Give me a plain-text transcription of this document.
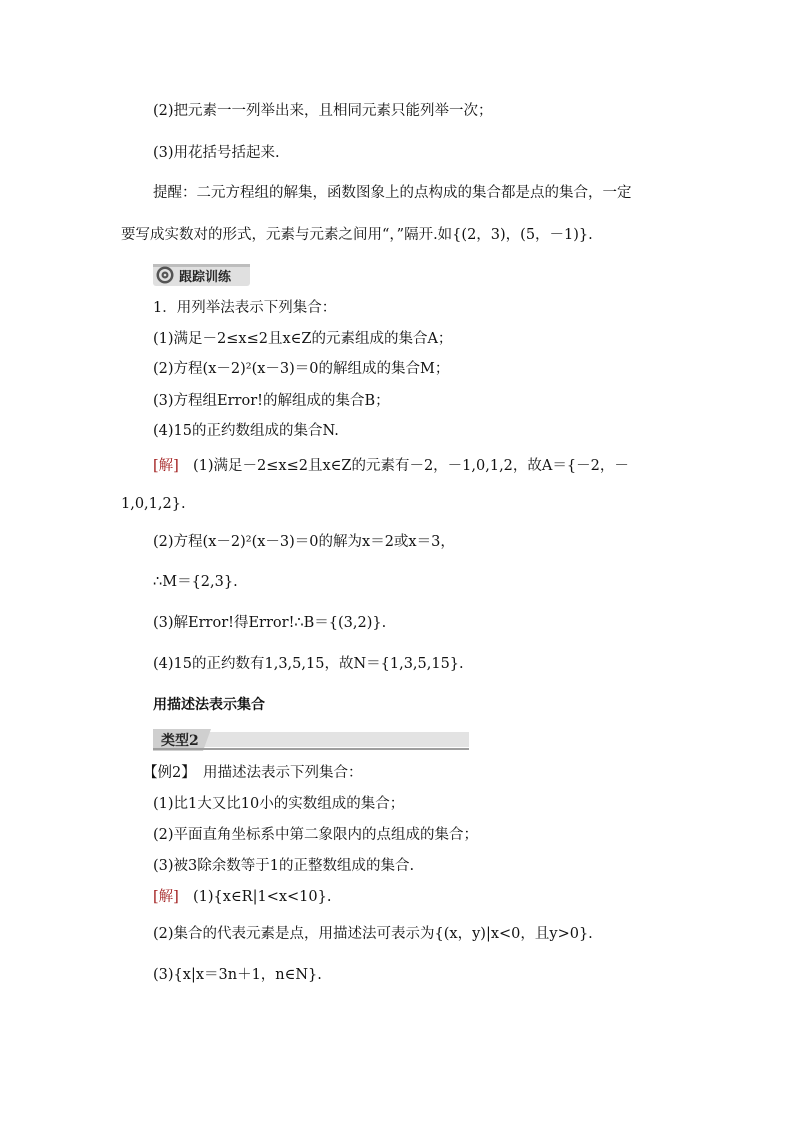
(2)把元素一一列举出来，且相同元素只能列举一次；
(3)用花括号括起来.
提醒：二元方程组的解集，函数图象上的点构成的集合都是点的集合，一定
要写成实数对的形式，元素与元素之间用“，”隔开.如{(2，3)，(5，－1)}.
跟踪训练
1．用列举法表示下列集合：
(1)满足－2≤x≤2且x∈Z的元素组成的集合A；
(2)方程(x－2)²(x－3)＝0的解组成的集合M；
(3)方程组Error!的解组成的集合B；
(4)15的正约数组成的集合N.
[解] (1)满足－2≤x≤2且x∈Z的元素有－2，－1,0,1,2，故A＝{－2，－
1,0,1,2}.
(2)方程(x－2)²(x－3)＝0的解为x＝2或x＝3，
∴M＝{2,3}.
(3)解Error!得Error!∴B＝{(3,2)}.
(4)15的正约数有1,3,5,15，故N＝{1,3,5,15}.
用描述法表示集合
类型2
【例2】　用描述法表示下列集合：
(1)比1大又比10小的实数组成的集合；
(2)平面直角坐标系中第二象限内的点组成的集合；
(3)被3除余数等于1的正整数组成的集合.
[解] (1){x∈R|1<x<10}.
(2)集合的代表元素是点，用描述法可表示为{(x，y)|x<0，且y>0}.
(3){x|x＝3n＋1，n∈N}.
